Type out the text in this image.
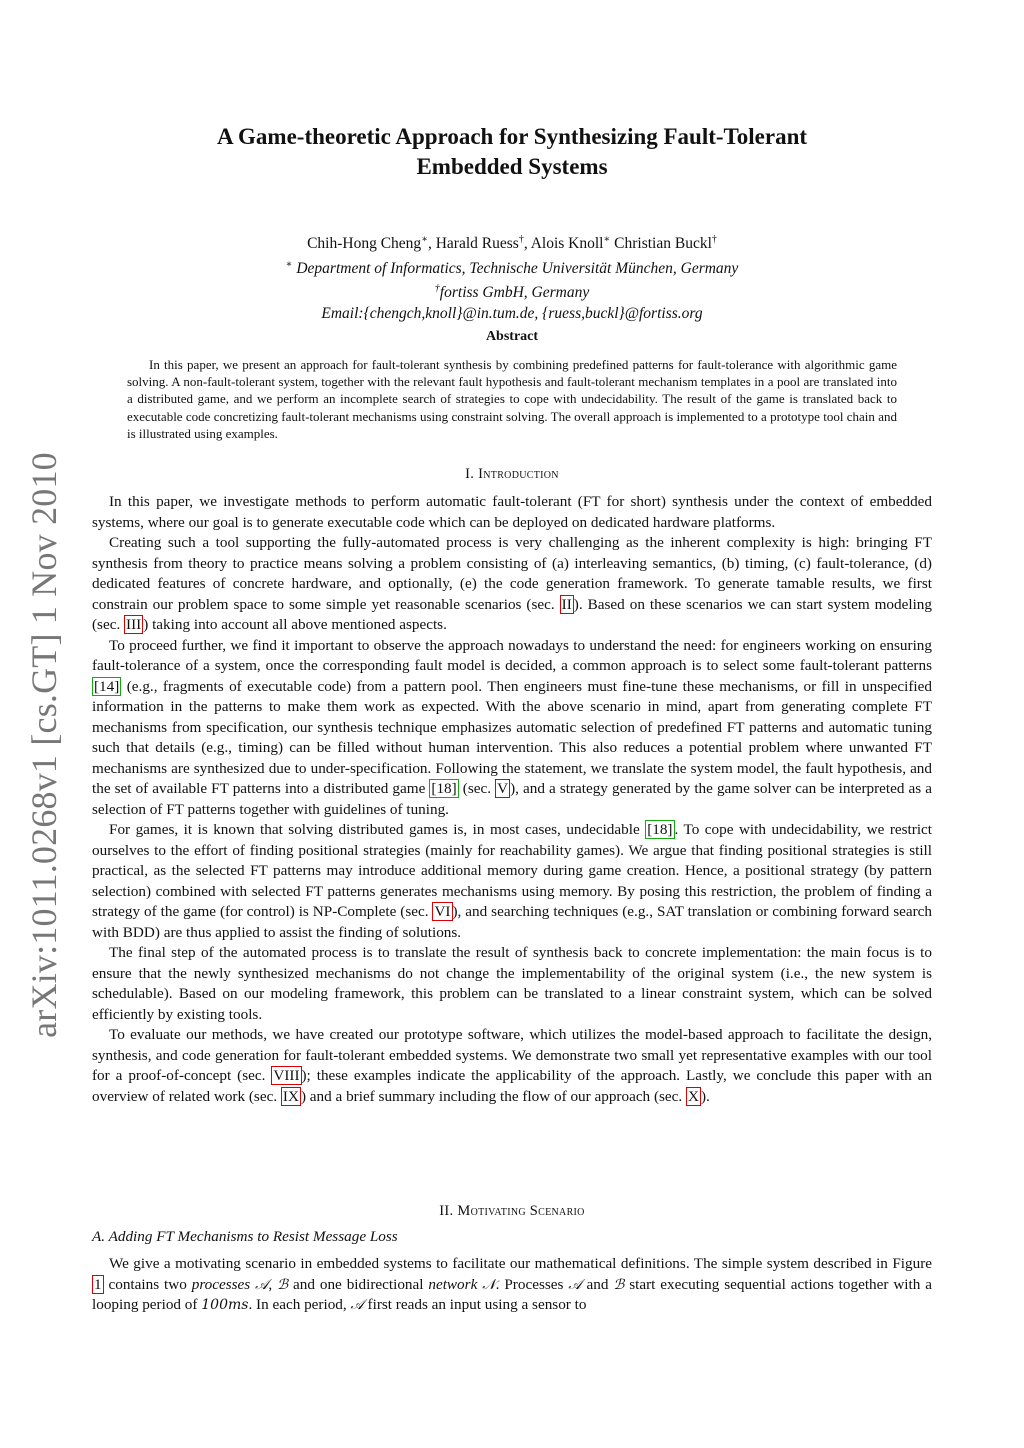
arXiv:1011.0268v1 [cs.GT] 1 Nov 2010
A Game-theoretic Approach for Synthesizing Fault-Tolerant
Embedded Systems
Chih-Hong Cheng∗, Harald Ruess†, Alois Knoll∗ Christian Buckl†
∗ Department of Informatics, Technische Universität München, Germany
†fortiss GmbH, Germany
Email:{chengch,knoll}@in.tum.de, {ruess,buckl}@fortiss.org
Abstract

In this paper, we present an approach for fault-tolerant synthesis by combining predefined patterns for fault-tolerance with algorithmic game solving. A non-fault-tolerant system, together with the relevant fault hypothesis and fault-tolerant mechanism templates in a pool are translated into a distributed game, and we perform an incomplete search of strategies to cope with undecidability. The result of the game is translated back to executable code concretizing fault-tolerant mechanisms using constraint solving. The overall approach is implemented to a prototype tool chain and is illustrated using examples.

I. Introduction

In this paper, we investigate methods to perform automatic fault-tolerant (FT for short) synthesis under the context of embedded systems, where our goal is to generate executable code which can be deployed on dedicated hardware platforms.

Creating such a tool supporting the fully-automated process is very challenging as the inherent complexity is high: bringing FT synthesis from theory to practice means solving a problem consisting of (a) interleaving semantics, (b) timing, (c) fault-tolerance, (d) dedicated features of concrete hardware, and optionally, (e) the code generation framework. To generate tamable results, we first constrain our problem space to some simple yet reasonable scenarios (sec. II ). Based on these scenarios we can start system modeling (sec. III ) taking into account all above mentioned aspects.

To proceed further, we find it important to observe the approach nowadays to understand the need: for engineers working on ensuring fault-tolerance of a system, once the corresponding fault model is decided, a common approach is to select some fault-tolerant patterns [14] (e.g., fragments of executable code) from a pattern pool. Then engineers must fine-tune these mechanisms, or fill in unspecified information in the patterns to make them work as expected. With the above scenario in mind, apart from generating complete FT mechanisms from specification, our synthesis technique emphasizes automatic selection of predefined FT patterns and automatic tuning such that details (e.g., timing) can be filled without human intervention. This also reduces a potential problem where unwanted FT mechanisms are synthesized due to under-specification. Following the statement, we translate the system model, the fault hypothesis, and the set of available FT patterns into a distributed game [18] (sec. V ), and a strategy generated by the game solver can be interpreted as a selection of FT patterns together with guidelines of tuning.

For games, it is known that solving distributed games is, in most cases, undecidable [18] . To cope with undecidability, we restrict ourselves to the effort of finding positional strategies (mainly for reachability games). We argue that finding positional strategies is still practical, as the selected FT patterns may introduce additional memory during game creation. Hence, a positional strategy (by pattern selection) combined with selected FT patterns generates mechanisms using memory. By posing this restriction, the problem of finding a strategy of the game (for control) is NP-Complete (sec. VI ), and searching techniques (e.g., SAT translation or combining forward search with BDD) are thus applied to assist the finding of solutions.

The final step of the automated process is to translate the result of synthesis back to concrete implementation: the main focus is to ensure that the newly synthesized mechanisms do not change the implementability of the original system (i.e., the new system is schedulable). Based on our modeling framework, this problem can be translated to a linear constraint system, which can be solved efficiently by existing tools.

To evaluate our methods, we have created our prototype software, which utilizes the model-based approach to facilitate the design, synthesis, and code generation for fault-tolerant embedded systems. We demonstrate two small yet representative examples with our tool for a proof-of-concept (sec. VIII ); these examples indicate the applicability of the approach. Lastly, we conclude this paper with an overview of related work (sec. IX ) and a brief summary including the flow of our approach (sec. X ).

II. Motivating Scenario
A. Adding FT Mechanisms to Resist Message Loss

We give a motivating scenario in embedded systems to facilitate our mathematical definitions. The simple system described in Figure 1 contains two processes 𝒜, ℬ and one bidirectional network 𝒩. Processes 𝒜 and ℬ start executing sequential actions together with a looping period of 100ms. In each period, 𝒜 first reads an input using a sensor to
